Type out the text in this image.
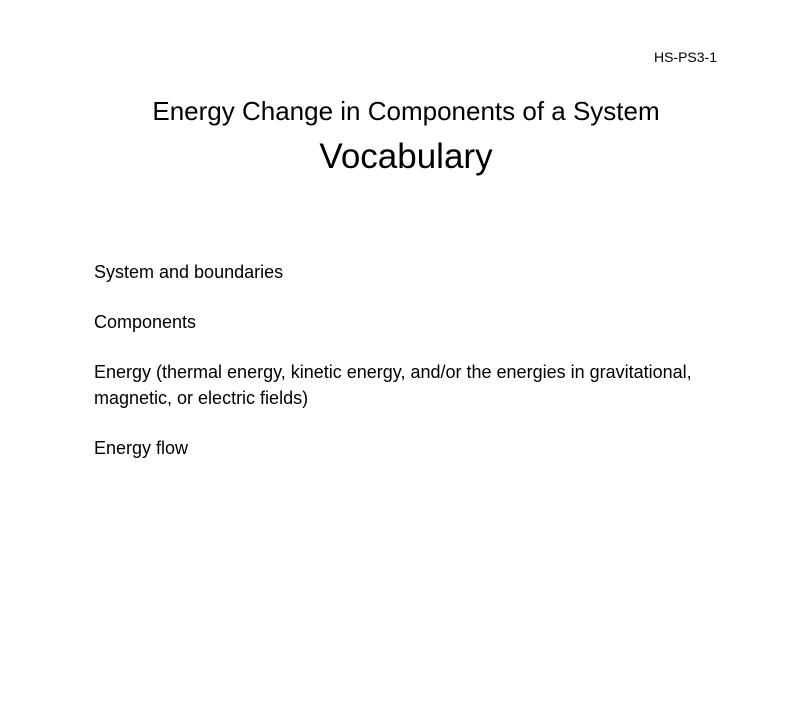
HS-PS3-1

Energy Change in Components of a System
Vocabulary
System and boundaries
Components
Energy (thermal energy, kinetic energy, and/or the energies in gravitational, magnetic, or electric fields)
Energy flow
